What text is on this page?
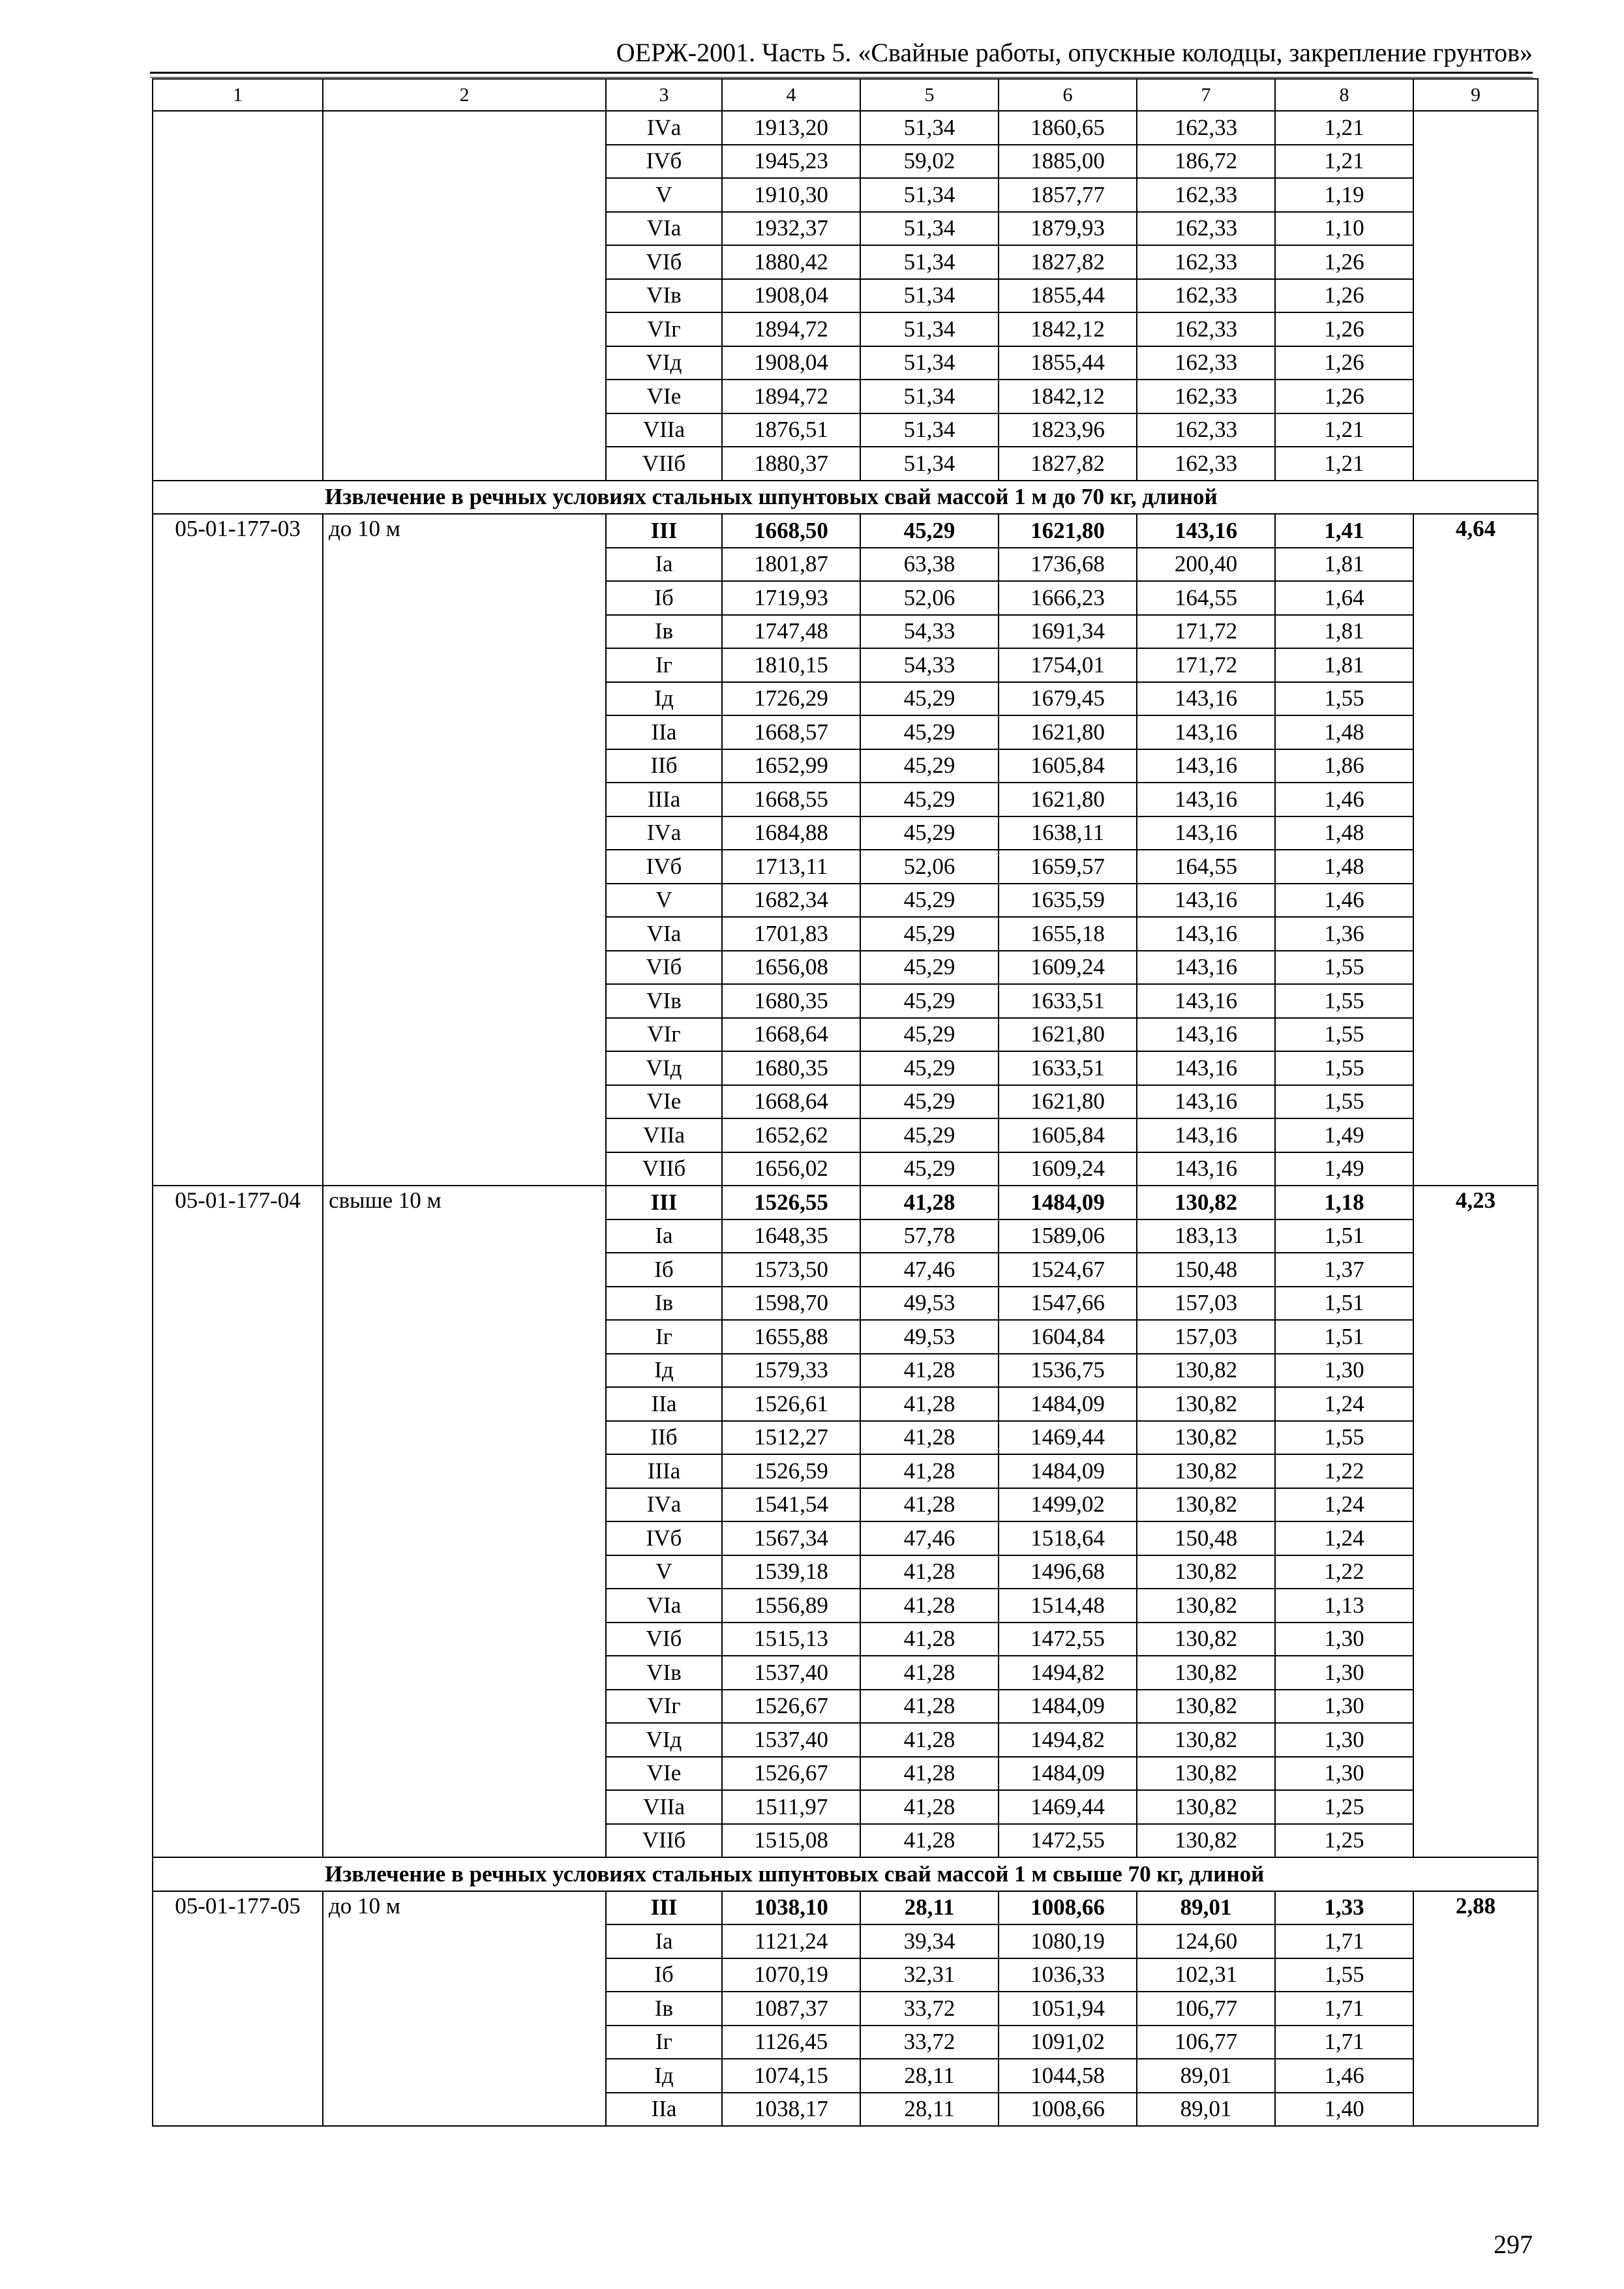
ОЕРЖ-2001. Часть 5. «Свайные работы, опускные колодцы, закрепление грунтов»
1	2	3	4	5	6	7	8	9
		IVа	1913,20	51,34	1860,65	162,33	1,21	
		IVб	1945,23	59,02	1885,00	186,72	1,21	
		V	1910,30	51,34	1857,77	162,33	1,19	
		VIа	1932,37	51,34	1879,93	162,33	1,10	
		VIб	1880,42	51,34	1827,82	162,33	1,26	
		VIв	1908,04	51,34	1855,44	162,33	1,26	
		VIг	1894,72	51,34	1842,12	162,33	1,26	
		VIд	1908,04	51,34	1855,44	162,33	1,26	
		VIе	1894,72	51,34	1842,12	162,33	1,26	
		VIIа	1876,51	51,34	1823,96	162,33	1,21	
		VIIб	1880,37	51,34	1827,82	162,33	1,21	
Извлечение в речных условиях стальных шпунтовых свай массой 1 м до 70 кг, длиной								
05-01-177-03	до 10 м	III	1668,50	45,29	1621,80	143,16	1,41	4,64
		Iа	1801,87	63,38	1736,68	200,40	1,81	
		Iб	1719,93	52,06	1666,23	164,55	1,64	
		Iв	1747,48	54,33	1691,34	171,72	1,81	
		Iг	1810,15	54,33	1754,01	171,72	1,81	
		Iд	1726,29	45,29	1679,45	143,16	1,55	
		IIа	1668,57	45,29	1621,80	143,16	1,48	
		IIб	1652,99	45,29	1605,84	143,16	1,86	
		IIIа	1668,55	45,29	1621,80	143,16	1,46	
		IVа	1684,88	45,29	1638,11	143,16	1,48	
		IVб	1713,11	52,06	1659,57	164,55	1,48	
		V	1682,34	45,29	1635,59	143,16	1,46	
		VIа	1701,83	45,29	1655,18	143,16	1,36	
		VIб	1656,08	45,29	1609,24	143,16	1,55	
		VIв	1680,35	45,29	1633,51	143,16	1,55	
		VIг	1668,64	45,29	1621,80	143,16	1,55	
		VIд	1680,35	45,29	1633,51	143,16	1,55	
		VIе	1668,64	45,29	1621,80	143,16	1,55	
		VIIа	1652,62	45,29	1605,84	143,16	1,49	
		VIIб	1656,02	45,29	1609,24	143,16	1,49	
05-01-177-04	свыше 10 м	III	1526,55	41,28	1484,09	130,82	1,18	4,23
		Iа	1648,35	57,78	1589,06	183,13	1,51	
		Iб	1573,50	47,46	1524,67	150,48	1,37	
		Iв	1598,70	49,53	1547,66	157,03	1,51	
		Iг	1655,88	49,53	1604,84	157,03	1,51	
		Iд	1579,33	41,28	1536,75	130,82	1,30	
		IIа	1526,61	41,28	1484,09	130,82	1,24	
		IIб	1512,27	41,28	1469,44	130,82	1,55	
		IIIа	1526,59	41,28	1484,09	130,82	1,22	
		IVа	1541,54	41,28	1499,02	130,82	1,24	
		IVб	1567,34	47,46	1518,64	150,48	1,24	
		V	1539,18	41,28	1496,68	130,82	1,22	
		VIа	1556,89	41,28	1514,48	130,82	1,13	
		VIб	1515,13	41,28	1472,55	130,82	1,30	
		VIв	1537,40	41,28	1494,82	130,82	1,30	
		VIг	1526,67	41,28	1484,09	130,82	1,30	
		VIд	1537,40	41,28	1494,82	130,82	1,30	
		VIе	1526,67	41,28	1484,09	130,82	1,30	
		VIIа	1511,97	41,28	1469,44	130,82	1,25	
		VIIб	1515,08	41,28	1472,55	130,82	1,25	
Извлечение в речных условиях стальных шпунтовых свай массой 1 м свыше 70 кг, длиной								
05-01-177-05	до 10 м	III	1038,10	28,11	1008,66	89,01	1,33	2,88
		Iа	1121,24	39,34	1080,19	124,60	1,71	
		Iб	1070,19	32,31	1036,33	102,31	1,55	
		Iв	1087,37	33,72	1051,94	106,77	1,71	
		Iг	1126,45	33,72	1091,02	106,77	1,71	
		Iд	1074,15	28,11	1044,58	89,01	1,46	
		IIа	1038,17	28,11	1008,66	89,01	1,40	
297
